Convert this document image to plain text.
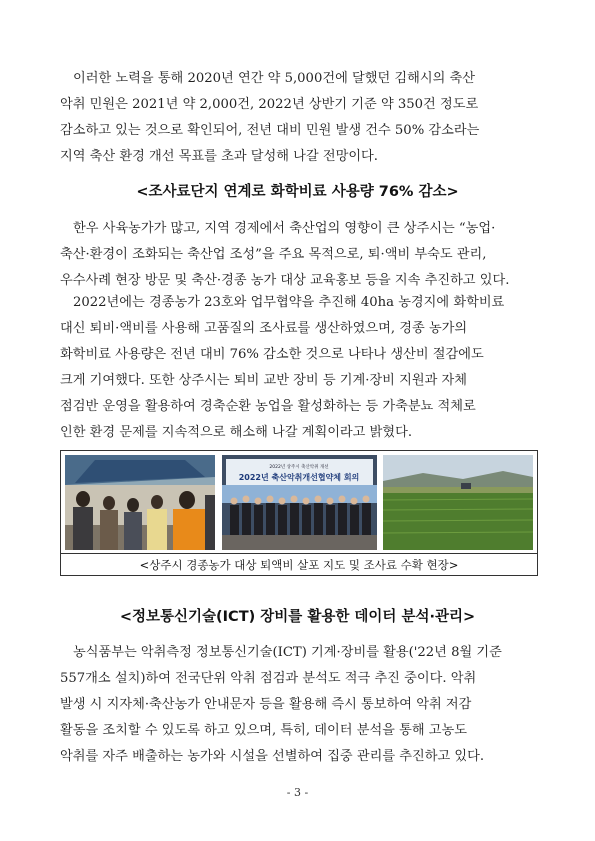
이러한 노력을 통해 2020년 연간 약 5,000건에 달했던 김해시의 축산
악취 민원은 2021년 약 2,000건, 2022년 상반기 기준 약 350건 정도로
감소하고 있는 것으로 확인되어, 전년 대비 민원 발생 건수 50% 감소라는
지역 축산 환경 개선 목표를 초과 달성해 나갈 전망이다.
<조사료단지 연계로 화학비료 사용량 76% 감소>
한우 사육농가가 많고, 지역 경제에서 축산업의 영향이 큰 상주시는 “농업·
축산·환경이 조화되는 축산업 조성”을 주요 목적으로, 퇴·액비 부숙도 관리,
우수사례 현장 방문 및 축산·경종 농가 대상 교육홍보 등을 지속 추진하고 있다.
2022년에는 경종농가 23호와 업무협약을 추진해 40ha 농경지에 화학비료
대신 퇴비·액비를 사용해 고품질의 조사료를 생산하였으며, 경종 농가의
화학비료 사용량은 전년 대비 76% 감소한 것으로 나타나 생산비 절감에도
크게 기여했다. 또한 상주시는 퇴비 교반 장비 등 기계·장비 지원과 자체
점검반 운영을 활용하여 경축순환 농업을 활성화하는 등 가축분뇨 적체로
인한 환경 문제를 지속적으로 해소해 나갈 계획이라고 밝혔다.
2022년 상주시 축산악취 개선
2022년 축산악취개선협약체 회의
<상주시 경종농가 대상 퇴액비 살포 지도 및 조사료 수확 현장>
<정보통신기술(ICT) 장비를 활용한 데이터 분석·관리>
농식품부는 악취측정 정보통신기술(ICT) 기계·장비를 활용('22년 8월 기준
557개소 설치)하여 전국단위 악취 점검과 분석도 적극 추진 중이다. 악취
발생 시 지자체·축산농가 안내문자 등을 활용해 즉시 통보하여 악취 저감
활동을 조치할 수 있도록 하고 있으며, 특히, 데이터 분석을 통해 고농도
악취를 자주 배출하는 농가와 시설을 선별하여 집중 관리를 추진하고 있다.
- 3 -
